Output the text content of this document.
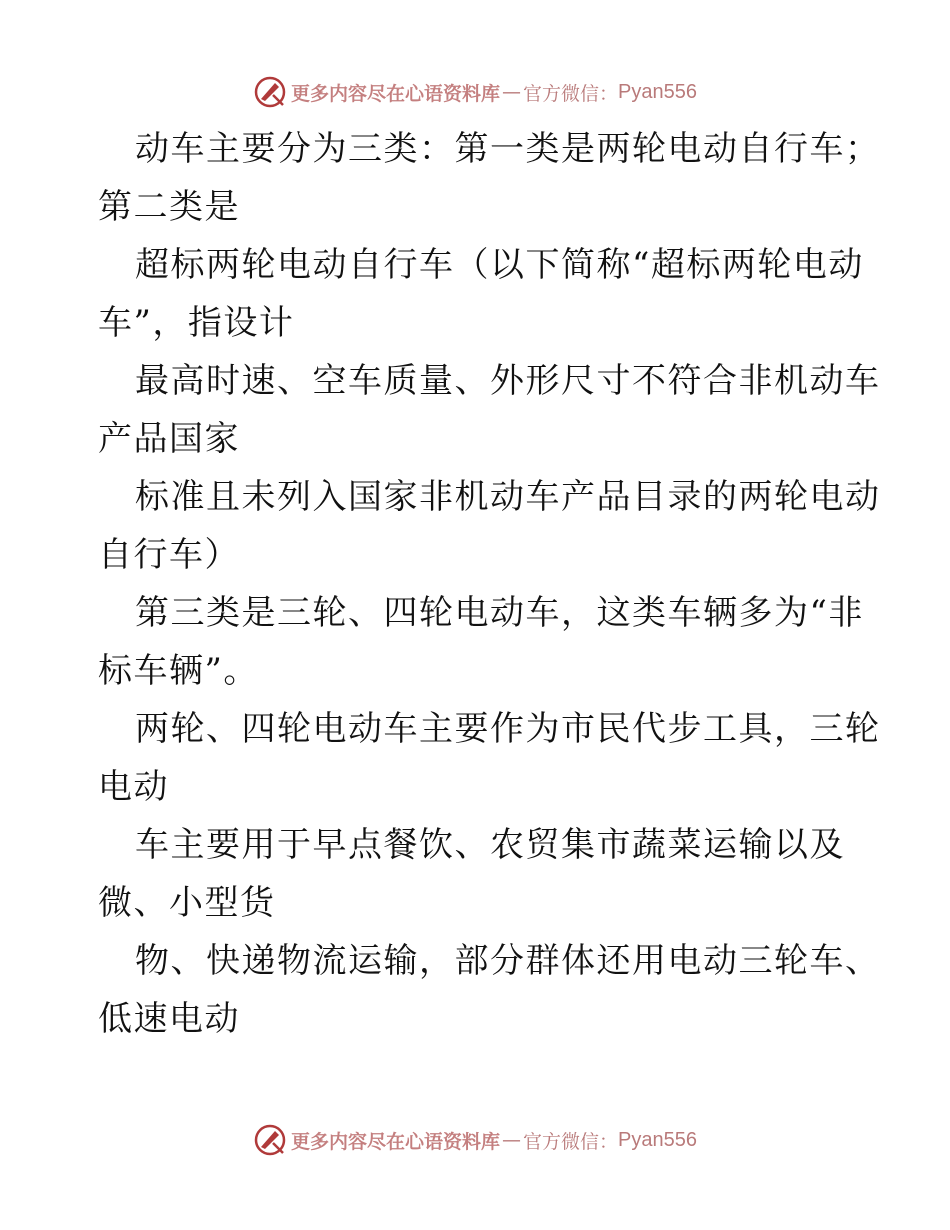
更多内容尽在心语资料库 — 官方微信： Pyan556
动车主要分为三类：第一类是两轮电动自行车；
第二类是
超标两轮电动自行车（以下简称“超标两轮电动
车”，指设计
最高时速、空车质量、外形尺寸不符合非机动车
产品国家
标准且未列入国家非机动车产品目录的两轮电动
自行车）
第三类是三轮、四轮电动车，这类车辆多为“非
标车辆”。
两轮、四轮电动车主要作为市民代步工具，三轮
电动
车主要用于早点餐饮、农贸集市蔬菜运输以及
微、小型货
物、快递物流运输，部分群体还用电动三轮车、
低速电动
更多内容尽在心语资料库 — 官方微信： Pyan556
